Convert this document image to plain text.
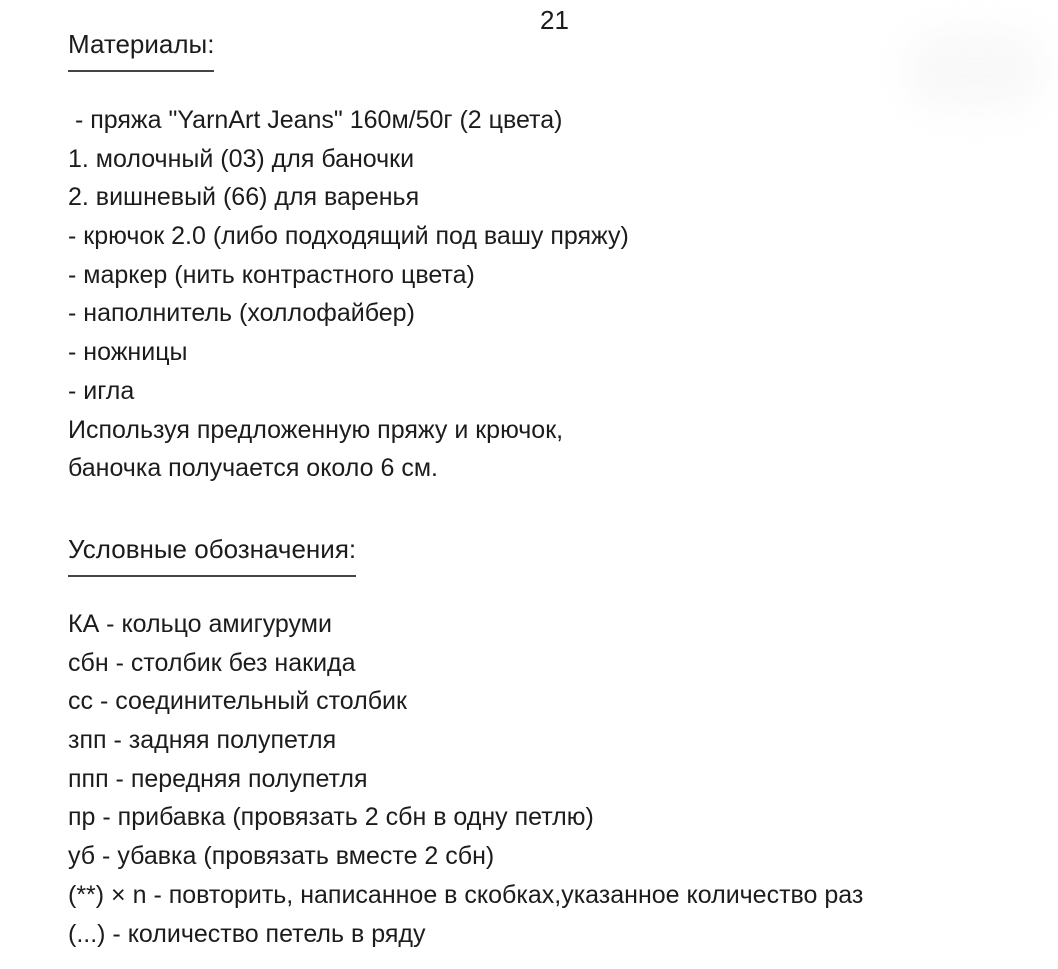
21
Материалы:
- пряжа "YarnArt Jeans" 160м/50г (2 цвета)
1. молочный (03) для баночки
2. вишневый (66) для варенья
- крючок 2.0 (либо подходящий под вашу пряжу)
- маркер (нить контрастного цвета)
- наполнитель (холлофайбер)
- ножницы
- игла
Используя предложенную пряжу и крючок,
баночка получается около 6 см.
Условные обозначения:
КА - кольцо амигуруми
сбн - столбик без накида
сс - соединительный столбик
зпп - задняя полупетля
ппп - передняя полупетля
пр - прибавка (провязать 2 сбн в одну петлю)
уб - убавка (провязать вместе 2 сбн)
(**) × n - повторить, написанное в скобках,указанное количество раз
(...) - количество петель в ряду
